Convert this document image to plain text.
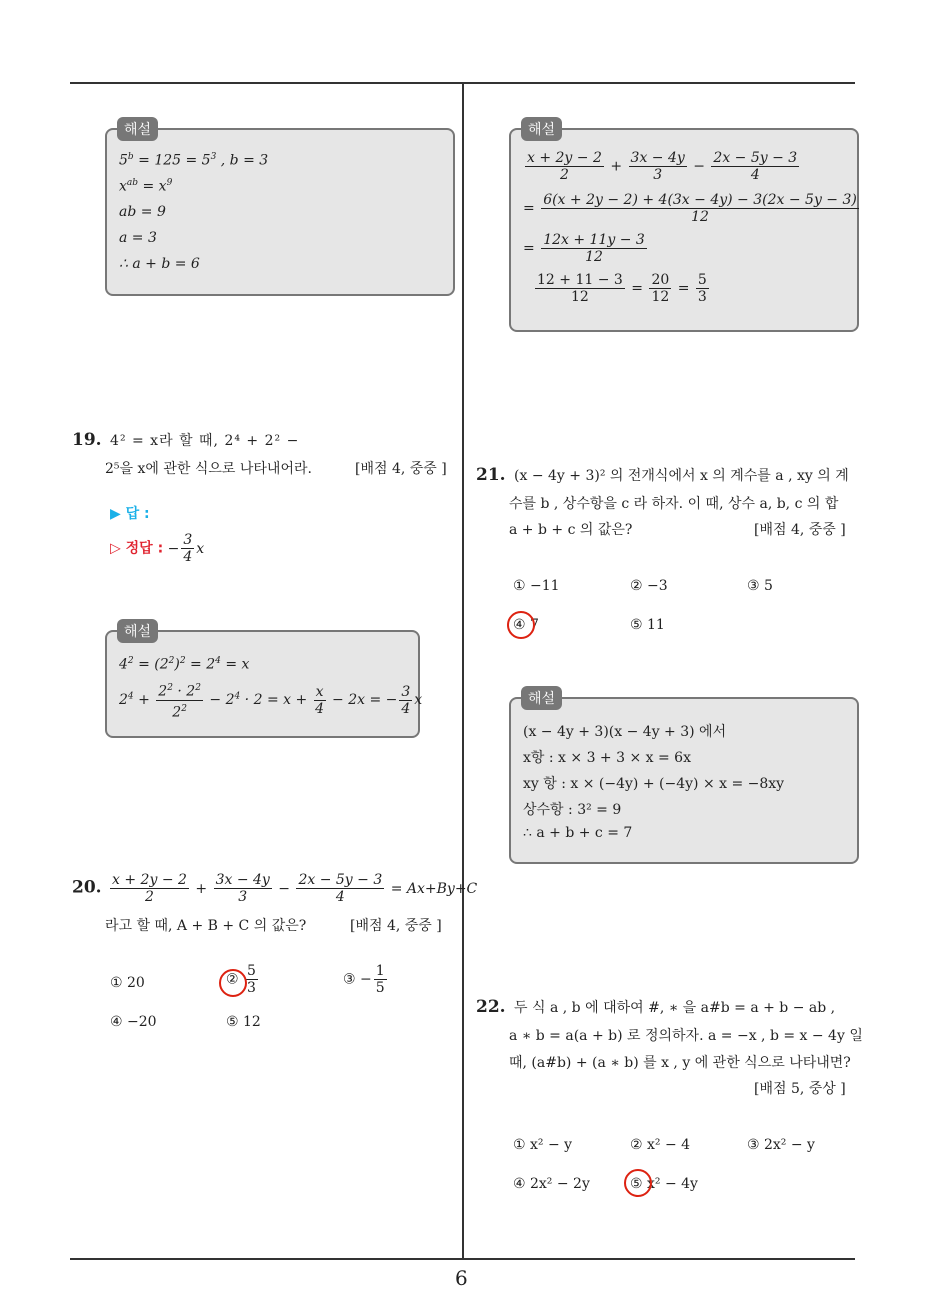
6
해설
$5^b = 125 = 5^3$ , b = 3
$x^{ab} = x^9$
ab = 9
a = 3
∴ a + b = 6
19. 4² = x라 할 때, 2⁴ + 2² −
2⁵을 x에 관한 식으로 나타내어라.	[배점 4, 중중 ]
▶ 답 :
▷ 정답 : − $\frac{3}{4}$ x
해설
$4^2 = (2^2)^2 = 2^4 = x$
$2^4 + \frac{2^2 \cdot 2^2}{2^2} - 2^4 \cdot 2 = x + \frac{x}{4} - 2x$ = − $\frac{3}{4}$ x
20. $\frac{x + 2y - 2}{2} + \frac{3x - 4y}{3} - \frac{2x - 5y - 3}{4} = Ax+By+C$
라고 할 때, A + B + C 의 값은?	[배점 4, 중중 ]
① 20	② $\frac{5}{3}$	③ − $\frac{1}{5}$
④ −20	⑤ 12
해설
$\frac{x + 2y - 2}{2} + \frac{3x - 4y}{3} - \frac{2x - 5y - 3}{4}$
= $\frac{6(x + 2y - 2) + 4(3x - 4y) - 3(2x - 5y - 3)}{12}$
= $\frac{12x + 11y - 3}{12}$
$\frac{12 + 11 - 3}{12} = \frac{20}{12} = \frac{5}{3}$
21. (x − 4y + 3)² 의 전개식에서 x 의 계수를 a , xy 의 계
수를 b , 상수항을 c 라 하자. 이 때, 상수 a, b, c 의 합
a + b + c 의 값은?	[배점 4, 중중 ]
① −11	② −3	③ 5
④ 7	⑤ 11
해설
(x − 4y + 3)(x − 4y + 3) 에서
x항 : x × 3 + 3 × x = 6x
xy 항 : x × (−4y) + (−4y) × x = −8xy
상수항 : 3² = 9
∴ a + b + c = 7
22. 두 식 a , b 에 대하여 #, ∗ 을 a#b = a + b − ab ,
a ∗ b = a(a + b) 로 정의하자. a = −x , b = x − 4y 일
때, (a#b) + (a ∗ b) 를 x , y 에 관한 식으로 나타내면?
[배점 5, 중상 ]
① x² − y	② x² − 4	③ 2x² − y
④ 2x² − 2y	⑤ x² − 4y
